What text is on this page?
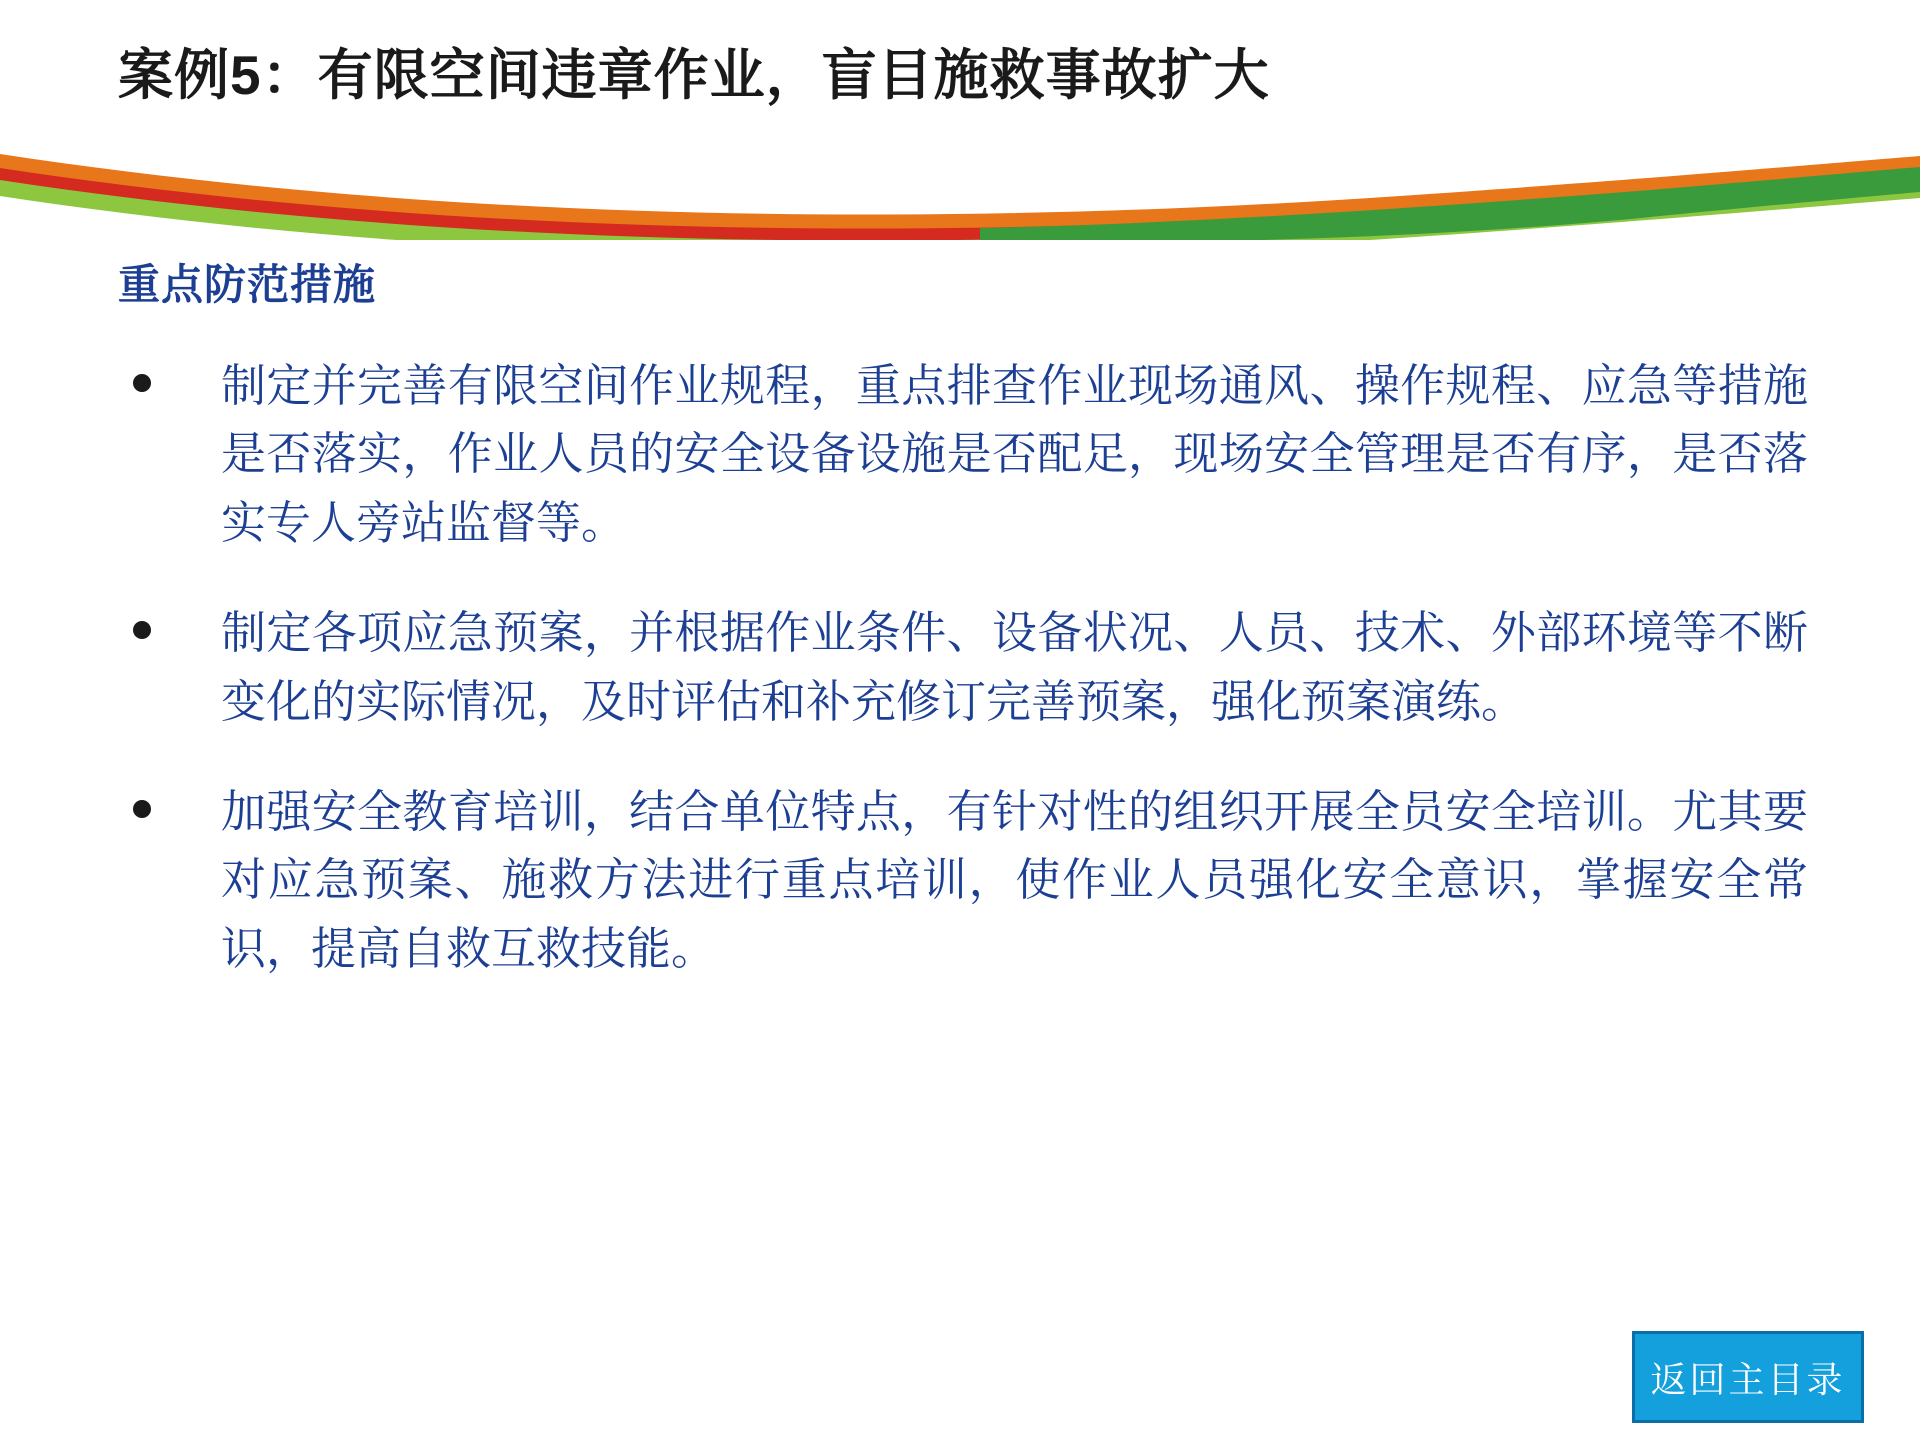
案例5：有限空间违章作业，盲目施救事故扩大
重点防范措施
制定并完善有限空间作业规程，重点排查作业现场通风、操作规程、应急等措施是否落实，作业人员的安全设备设施是否配足，现场安全管理是否有序，是否落实专人旁站监督等。
制定各项应急预案，并根据作业条件、设备状况、人员、技术、外部环境等不断变化的实际情况，及时评估和补充修订完善预案，强化预案演练。
加强安全教育培训，结合单位特点，有针对性的组织开展全员安全培训。尤其要对应急预案、施救方法进行重点培训，使作业人员强化安全意识，掌握安全常识，提高自救互救技能。
返回主目录
